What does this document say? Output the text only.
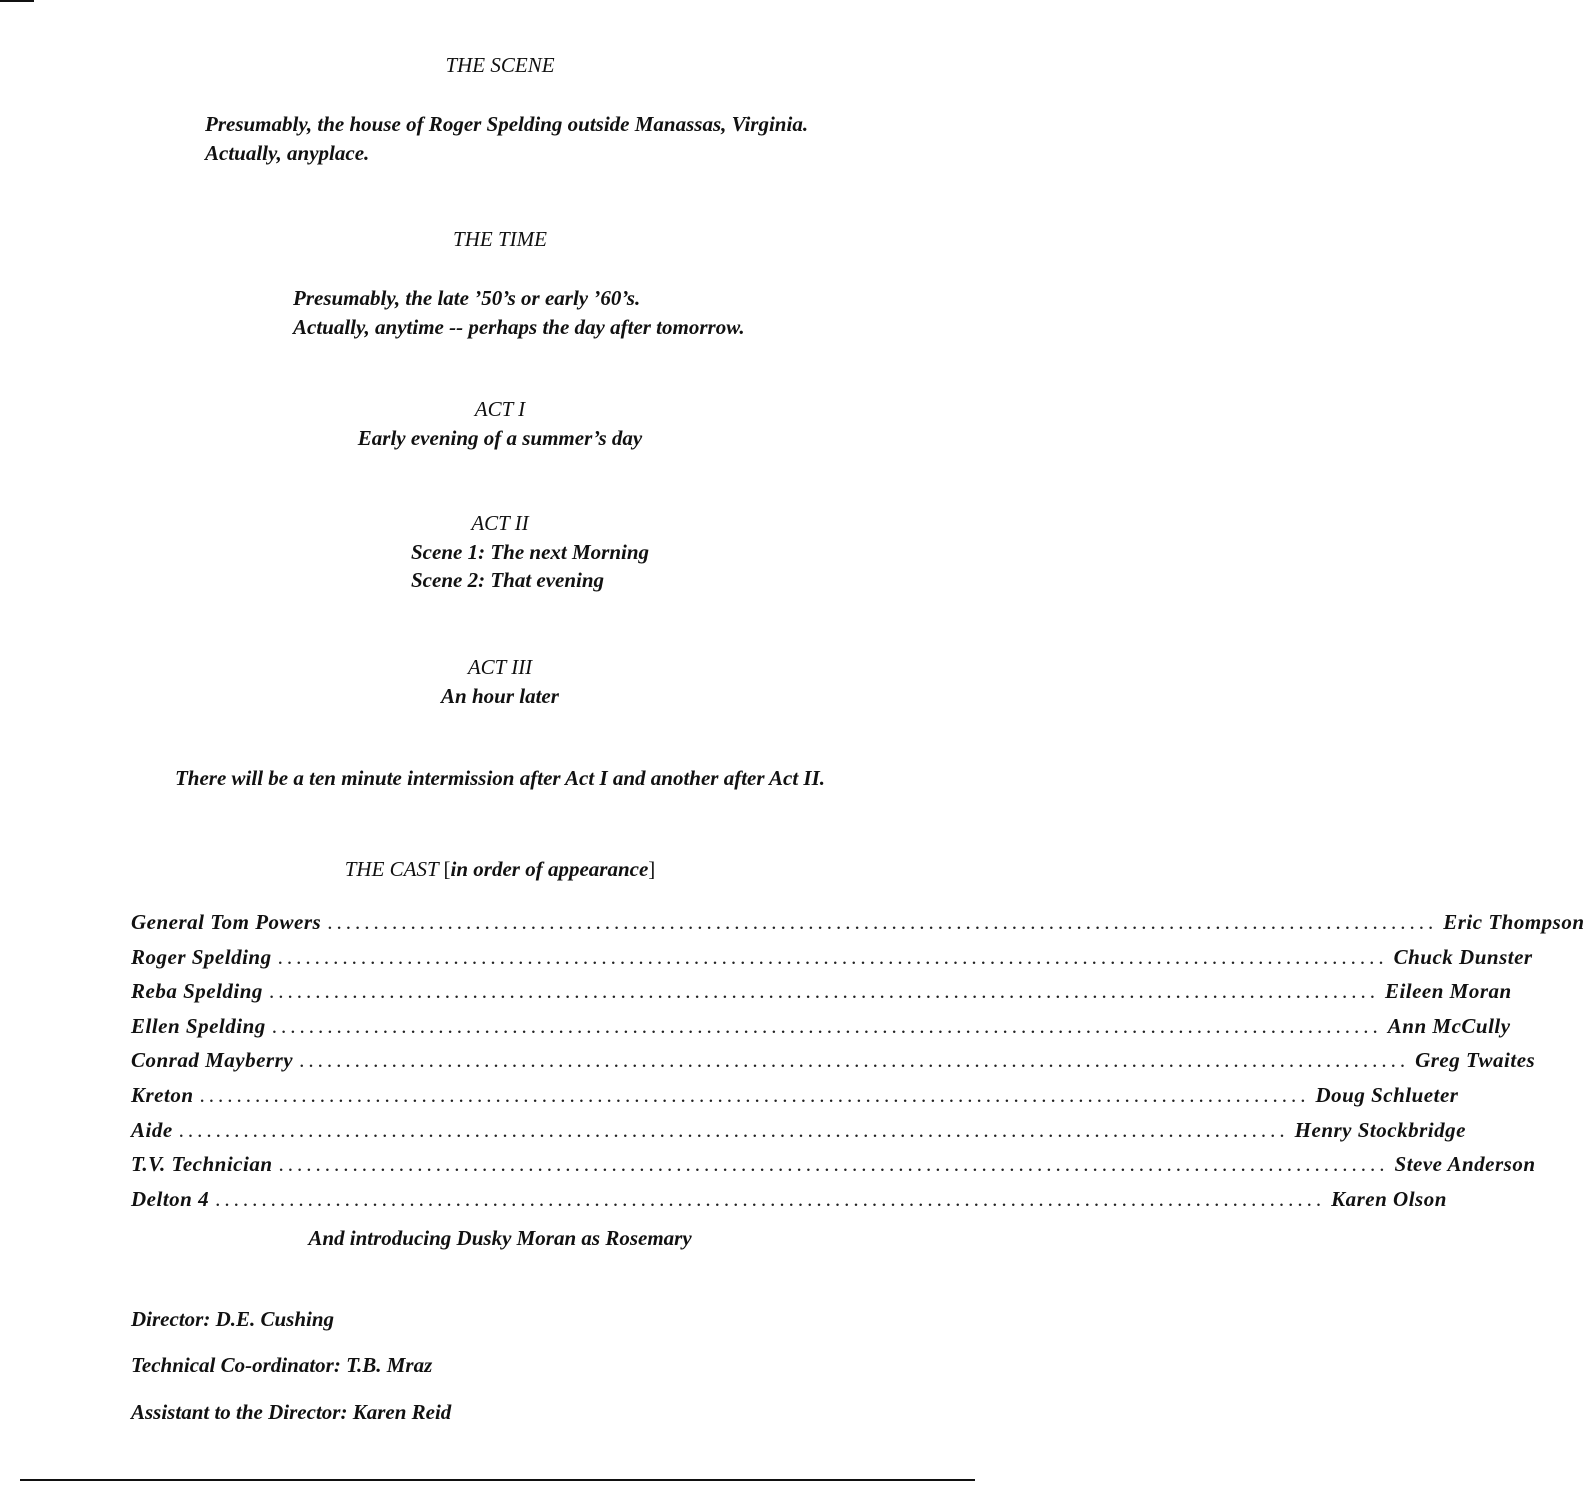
THE SCENE
Presumably, the house of Roger Spelding outside Manassas, Virginia.
Actually, anyplace.
THE TIME
Presumably, the late ’50’s or early ’60’s.
Actually, anytime -- perhaps the day after tomorrow.
ACT I
Early evening of a summer’s day
ACT II
Scene 1: The next Morning
Scene 2: That evening
ACT III
An hour later
There will be a ten minute intermission after Act I and another after Act II.
THE CAST [in order of appearance]
General Tom Powers ........................................................................................................................ Eric Thompson
Roger Spelding ........................................................................................................................ Chuck Dunster
Reba Spelding ........................................................................................................................ Eileen Moran
Ellen Spelding ........................................................................................................................ Ann McCully
Conrad Mayberry ........................................................................................................................ Greg Twaites
Kreton ........................................................................................................................ Doug Schlueter
Aide ........................................................................................................................ Henry Stockbridge
T.V. Technician ........................................................................................................................ Steve Anderson
Delton 4 ........................................................................................................................ Karen Olson
And introducing Dusky Moran as Rosemary
Director: D.E. Cushing
Technical Co-ordinator: T.B. Mraz
Assistant to the Director: Karen Reid
